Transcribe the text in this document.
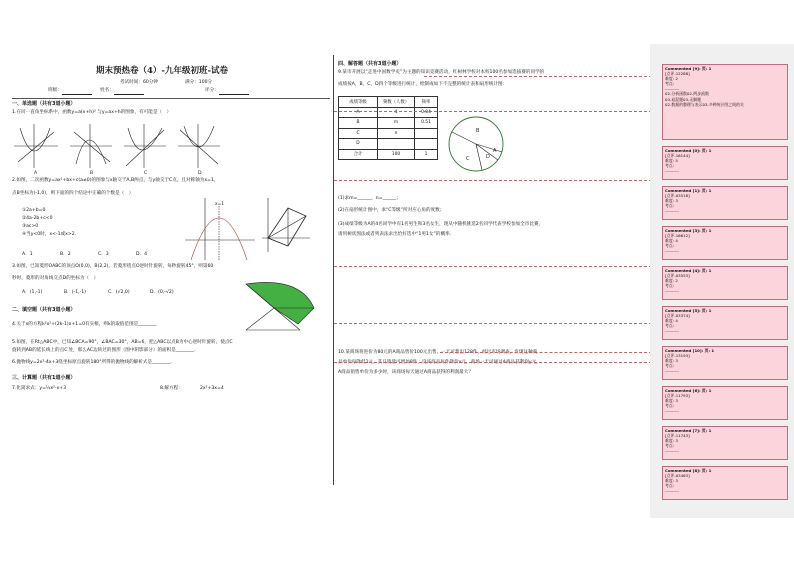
期末预热卷（4）-九年级初班-试卷
考试时间：60分钟	满分：100分
班级：	姓名：	评分：
一、单选题（共有3道小题）
1.在同一直角坐标系中，函数y=a(x+h)² 与y=ax+h的图象，有可能是（　）
A	B	C	D
2.如图，二次函数y=ax²+bx+c(a≠0)的图象与x轴交于A,B两点，与y轴交于C点，且对称轴为x=1，
点B坐标为(-1,0)，则下面的四个结论中正确的个数是（　）
①2a+b=0
②4a-2b+c<0
③ac>0
④当y<0时，x<-1或x>2.
A．1	B．2	C．3	D．4
x=1
3.如图，已知菱形OABC的顶点O(0,0)，B(2,2)，若菱形绕点O逆时针旋转，每秒旋转45°，则第60
秒时，菱形的对角线交点D的坐标为（　）
A．(1,-1)	B．(-1,-1)	C．(√2,0)	D．(0,-√2)
二、填空题（共有3道小题）
4.关于x的方程k²x²+(2k-1)x+1=0有实根，则k的取值范围是________
5.如图，在Rt△ABC中，已知∠BCA=90°，∠BAC=30°，AB=6，把△ABC以点B为中心逆时针旋转，使点C
旋转到AB的延长线上的点C′处，那么AC边转过的图形（图中阴影部分）的面积是________.
6.抛物线y=2x²-4x+3绕坐标原点旋转180°所得的抛物线的解析式是________.
三、计算题（共有1道小题）
7.化简求式：y=½x²-x+3	8.解方程：	2x²+3x=4
四、解答题（共有3道小题）
9.某市开展以“走进中国数学史”为主题的知识竞赛活动，红树林学校对本校100名参加选拔赛的同学的
成绩按A，B，C，D四个等级进行统计，绘制成如下不完整的统计表和扇形统计图：
成绩等级	频数（人数）	频率
A	4	0.04
B	m	0.51
C	n	
D		
合计	100	1
B
C	D
A
(1)求m=______，n=______；
(2)在扇形统计图中，求“C等级”所对应心角的度数；
(3)成绩等级为A的4名同学中有1名男生和3名女生，现从中随机挑选2名同学代表学校参加全市比赛，
请用树状图法或者列表法求出恰好选中“1男1女”的概率.
10.某商场将进价为80元的A商品售价100元出售，一天可售出128件，经过市场调查，发现这种商
品单价每降低1元，其日销量可增加8件，设该商品每件降价x元，商场一天可通过A商品获利润y元，
A商品销售单价为多少时，该商场每天通过A商品获得的利润最大？
Commented [9]: 页: 1
[点评-12288]
难度: 2
考点:
----------
02-分析函数02-两步函数
03-易混题03-无解题
02-数据的整理与表示03-多种统计图之间的关
Commented [0]: 页: 1
[点评-16144]
难度: 5
考点:
----------
Commented [1]: 页: 1
[点评-03518]
难度: 3
考点:
----------
Commented [3]: 页: 1
[点评-16612]
难度: 4
考点:
----------
Commented [4]: 页: 1
[点评-03553]
难度: 2
考点:
----------
Commented [5]: 页: 1
[点评-03374]
难度: 4
考点:
----------
Commented [10]: 页: 1
[点评-13193]
难度: 3
考点:
----------
Commented [6]: 页: 1
[点评-11793]
难度: 3
考点:
----------
Commented [7]: 页: 1
[点评-11743]
难度: 3
考点:
----------
Commented [8]: 页: 1
[点评-03463]
难度: 3
考点:
----------
